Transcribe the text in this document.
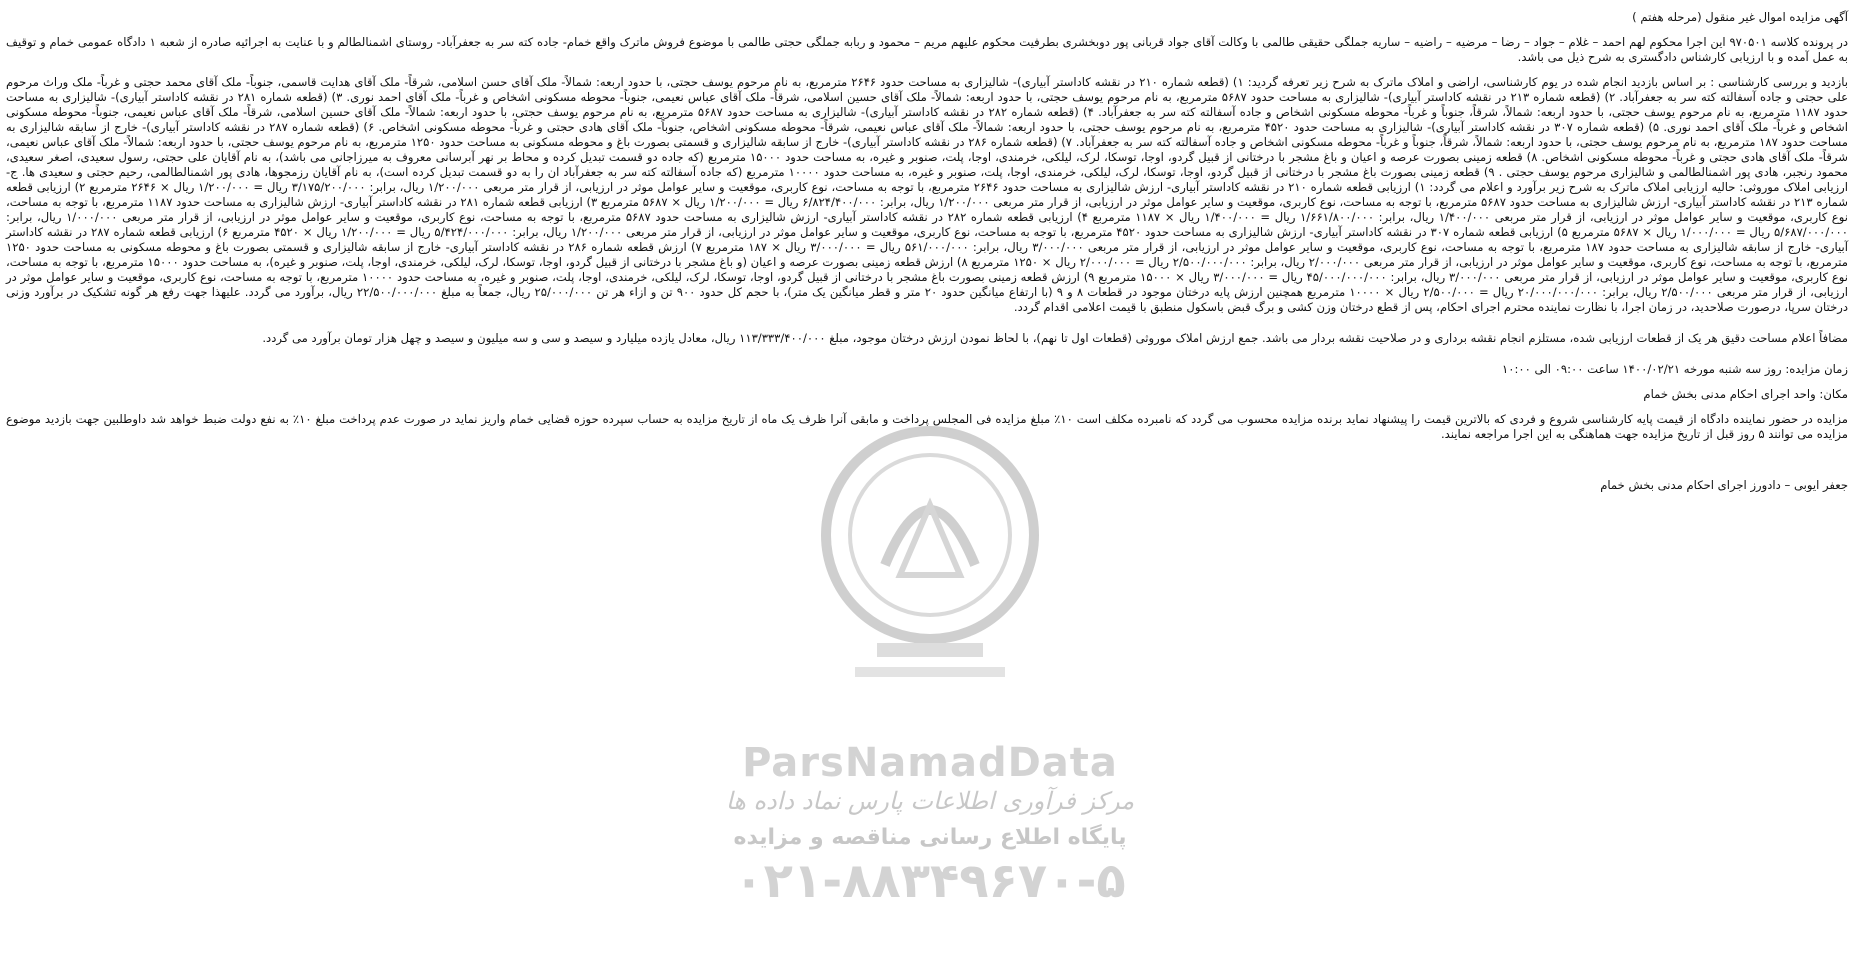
آگهی مزایده اموال غیر منقول (مرحله هفتم )

در پرونده کلاسه ۹۷۰۵۰۱ این اجرا محکوم لهم احمد – غلام – جواد – رضا – مرضیه – راضیه – ساریه جملگی حقیقی طالمی با وکالت آقای جواد قربانی پور دوبخشری بطرفیت محکوم علیهم مریم – محمود و ربابه جملگی حجتی طالمی با موضوع فروش ماترک واقع خمام- جاده کته سر به جعفرآباد- روستای اشمنالطالم و با عنایت به اجرائیه صادره از شعبه ۱ دادگاه عمومی خمام و توقیف به عمل آمده و با ارزیابی کارشناس دادگستری به شرح ذیل می باشد.

بازدید و بررسی کارشناسی : بر اساس بازدید انجام شده در یوم کارشناسی، اراضی و املاک ماترک به شرح زیر تعرفه گردید: ۱) (قطعه شماره ۲۱۰ در نقشه کاداستر آبیاری)- شالیزاری به مساحت حدود ۲۶۴۶ مترمربع، به نام مرحوم یوسف حجتی، با حدود اربعه: شمالاً- ملک آقای حسن اسلامی، شرقاً- ملک آقای هدایت قاسمی، جنوباً- ملک آقای محمد حجتی و غرباً- ملک وراث مرحوم علی حجتی و جاده آسفالته کته سر به جعفرآباد. ۲) (قطعه شماره ۲۱۳ در نقشه کاداستر آبیاری)- شالیزاری به مساحت حدود ۵۶۸۷ مترمربع، به نام مرحوم یوسف حجتی، با حدود اربعه: شمالاً- ملک آقای حسین اسلامی، شرقاً- ملک آقای عباس نعیمی، جنوباً- محوطه مسکونی اشخاص و غرباً- ملک آقای احمد نوری. ۳) (قطعه شماره ۲۸۱ در نقشه کاداستر آبیاری)- شالیزاری به مساحت حدود ۱۱۸۷ مترمربع، به نام مرحوم یوسف حجتی، با حدود اربعه: شمالاً، شرقاً، جنوباً و غرباً- محوطه مسکونی اشخاص و جاده آسفالته کته سر به جعفرآباد. ۴) (قطعه شماره ۲۸۲ در نقشه کاداستر آبیاری)- شالیزاری به مساحت حدود ۵۶۸۷ مترمربع، به نام مرحوم یوسف حجتی، با حدود اربعه: شمالاً- ملک آقای حسین اسلامی، شرقاً- ملک آقای عباس نعیمی، جنوباً- محوطه مسکونی اشخاص و غرباً- ملک آقای احمد نوری. ۵) (قطعه شماره ۳۰۷ در نقشه کاداستر آبیاری)- شالیزاری به مساحت حدود ۴۵۲۰ مترمربع، به نام مرحوم یوسف حجتی، با حدود اربعه: شمالاً- ملک آقای عباس نعیمی، شرقاً- محوطه مسکونی اشخاص، جنوباً- ملک آقای هادی حجتی و غرباً- محوطه مسکونی اشخاص. ۶) (قطعه شماره ۲۸۷ در نقشه کاداستر آبیاری)- خارج از سابقه شالیزاری به مساحت حدود ۱۸۷ مترمربع، به نام مرحوم یوسف حجتی، با حدود اربعه: شمالاً، شرقاً، جنوباً و غرباً- محوطه مسکونی اشخاص و جاده آسفالته کته سر به جعفرآباد. ۷) (قطعه شماره ۲۸۶ در نقشه کاداستر آبیاری)- خارج از سابقه شالیزاری و قسمتی بصورت باغ و محوطه مسکونی به مساحت حدود ۱۲۵۰ مترمربع، به نام مرحوم یوسف حجتی، با حدود اربعه: شمالاً- ملک آقای عباس نعیمی، شرقاً- ملک آقای هادی حجتی و غرباً- محوطه مسکونی اشخاص. ۸) قطعه زمینی بصورت عرصه و اعیان و باغ مشجر با درختانی از قبیل گردو، اوجا، توسکا، لرک، لیلکی، خرمندی، اوجا، پلت، صنوبر و غیره، به مساحت حدود ۱۵۰۰۰ مترمربع (که جاده دو قسمت تبدیل کرده و محاط بر نهر آبرسانی معروف به میرزاجانی می باشد)، به نام آقایان علی حجتی، رسول سعیدی، اصغر سعیدی، محمود رنجبر، هادی پور اشمنالطالمی و شالیزاری مرحوم یوسف حجتی . ۹) قطعه زمینی بصورت باغ مشجر با درختانی از قبیل گردو، اوجا، توسکا، لرک، لیلکی، خرمندی، اوجا، پلت، صنوبر و غیره، به مساحت حدود ۱۰۰۰۰ مترمربع (که جاده آسفالته کته سر به جعفرآباد ان را به دو قسمت تبدیل کرده است)، به نام آقایان رزمجوها، هادی پور اشمنالطالمی، رحیم حجتی و سعیدی ها. ج- ارزیابی املاک موروثی: حالیه ارزیابی املاک ماترک به شرح زیر برآورد و اعلام می گردد: ۱) ارزیابی قطعه شماره ۲۱۰ در نقشه کاداستر آبیاری- ارزش شالیزاری به مساحت حدود ۲۶۴۶ مترمربع، با توجه به مساحت، نوع کاربری، موقعیت و سایر عوامل موثر در ارزیابی، از قرار متر مربعی ۱/۲۰۰/۰۰۰ ریال، برابر: ۳/۱۷۵/۲۰۰/۰۰۰ ریال = ۱/۲۰۰/۰۰۰ ریال × ۲۶۴۶ مترمربع ۲) ارزیابی قطعه شماره ۲۱۳ در نقشه کاداستر آبیاری- ارزش شالیزاری به مساحت حدود ۵۶۸۷ مترمربع، با توجه به مساحت، نوع کاربری، موقعیت و سایر عوامل موثر در ارزیابی، از قرار متر مربعی ۱/۲۰۰/۰۰۰ ریال، برابر: ۶/۸۲۴/۴۰۰/۰۰۰ ریال = ۱/۲۰۰/۰۰۰ ریال × ۵۶۸۷ مترمربع ۳) ارزیابی قطعه شماره ۲۸۱ در نقشه کاداستر آبیاری- ارزش شالیزاری به مساحت حدود ۱۱۸۷ مترمربع، با توجه به مساحت، نوع کاربری، موقعیت و سایر عوامل موثر در ارزیابی، از قرار متر مربعی ۱/۴۰۰/۰۰۰ ریال، برابر: ۱/۶۶۱/۸۰۰/۰۰۰ ریال = ۱/۴۰۰/۰۰۰ ریال × ۱۱۸۷ مترمربع ۴) ارزیابی قطعه شماره ۲۸۲ در نقشه کاداستر آبیاری- ارزش شالیزاری به مساحت حدود ۵۶۸۷ مترمربع، با توجه به مساحت، نوع کاربری، موقعیت و سایر عوامل موثر در ارزیابی، از قرار متر مربعی ۱/۰۰۰/۰۰۰ ریال، برابر: ۵/۶۸۷/۰۰۰/۰۰۰ ریال = ۱/۰۰۰/۰۰۰ ریال × ۵۶۸۷ مترمربع ۵) ارزیابی قطعه شماره ۳۰۷ در نقشه کاداستر آبیاری- ارزش شالیزاری به مساحت حدود ۴۵۲۰ مترمربع، با توجه به مساحت، نوع کاربری، موقعیت و سایر عوامل موثر در ارزیابی، از قرار متر مربعی ۱/۲۰۰/۰۰۰ ریال، برابر: ۵/۴۲۴/۰۰۰/۰۰۰ ریال = ۱/۲۰۰/۰۰۰ ریال × ۴۵۲۰ مترمربع ۶) ارزیابی قطعه شماره ۲۸۷ در نقشه کاداستر آبیاری- خارج از سابقه شالیزاری به مساحت حدود ۱۸۷ مترمربع، با توجه به مساحت، نوع کاربری، موقعیت و سایر عوامل موثر در ارزیابی، از قرار متر مربعی ۳/۰۰۰/۰۰۰ ریال، برابر: ۵۶۱/۰۰۰/۰۰۰ ریال = ۳/۰۰۰/۰۰۰ ریال × ۱۸۷ مترمربع ۷) ارزش قطعه شماره ۲۸۶ در نقشه کاداستر آبیاری- خارج از سابقه شالیزاری و قسمتی بصورت باغ و محوطه مسکونی به مساحت حدود ۱۲۵۰ مترمربع، با توجه به مساحت، نوع کاربری، موقعیت و سایر عوامل موثر در ارزیابی، از قرار متر مربعی ۲/۰۰۰/۰۰۰ ریال، برابر: ۲/۵۰۰/۰۰۰/۰۰۰ ریال = ۲/۰۰۰/۰۰۰ ریال × ۱۲۵۰ مترمربع ۸) ارزش قطعه زمینی بصورت عرصه و اعیان (و باغ مشجر با درختانی از قبیل گردو، اوجا، توسکا، لرک، لیلکی، خرمندی، اوجا، پلت، صنوبر و غیره)، به مساحت حدود ۱۵۰۰۰ مترمربع، با توجه به مساحت، نوع کاربری، موقعیت و سایر عوامل موثر در ارزیابی، از قرار متر مربعی ۳/۰۰۰/۰۰۰ ریال، برابر: ۴۵/۰۰۰/۰۰۰/۰۰۰ ریال = ۳/۰۰۰/۰۰۰ ریال × ۱۵۰۰۰ مترمربع ۹) ارزش قطعه زمینی بصورت باغ مشجر با درختانی از قبیل گردو، اوجا، توسکا، لرک، لیلکی، خرمندی، اوجا، پلت، صنوبر و غیره، به مساحت حدود ۱۰۰۰۰ مترمربع، با توجه به مساحت، نوع کاربری، موقعیت و سایر عوامل موثر در ارزیابی، از قرار متر مربعی ۲/۵۰۰/۰۰۰ ریال، برابر: ۲۰/۰۰۰/۰۰۰/۰۰۰ ریال = ۲/۵۰۰/۰۰۰ ریال × ۱۰۰۰۰ مترمربع همچنین ارزش پایه درختان موجود در قطعات ۸ و ۹ (با ارتفاع میانگین حدود ۲۰ متر و قطر میانگین یک متر)، با حجم کل حدود ۹۰۰ تن و ازاء هر تن ۲۵/۰۰۰/۰۰۰ ریال، جمعاً به مبلغ ۲۲/۵۰۰/۰۰۰/۰۰۰ ریال، برآورد می گردد. علیهذا جهت رفع هر گونه تشکیک در برآورد وزنی درختان سرپا، درصورت صلاحدید، در زمان اجرا، با نظارت نماینده محترم اجرای احکام، پس از قطع درختان وزن کشی و برگ قبض باسکول منطبق با قیمت اعلامی اقدام گردد.

مضافاً اعلام مساحت دقیق هر یک از قطعات ارزیابی شده، مستلزم انجام نقشه برداری و در صلاحیت نقشه بردار می باشد. جمع ارزش املاک موروثی (قطعات اول تا نهم)، با لحاظ نمودن ارزش درختان موجود، مبلغ ۱۱۳/۳۳۳/۴۰۰/۰۰۰ ریال، معادل یازده میلیارد و سیصد و سی و سه میلیون و سیصد و چهل هزار تومان برآورد می گردد.

زمان مزایده: روز سه شنبه مورخه ۱۴۰۰/۰۲/۲۱ ساعت ۰۹:۰۰ الی ۱۰:۰۰

مکان: واحد اجرای احکام مدنی بخش خمام

مزایده در حضور نماینده دادگاه از قیمت پایه کارشناسی شروع و فردی که بالاترین قیمت را پیشنهاد نماید برنده مزایده محسوب می گردد که نامبرده مکلف است ۱۰٪ مبلغ مزایده فی المجلس پرداخت و مابقی آنرا ظرف یک ماه از تاریخ مزایده به حساب سپرده حوزه قضایی خمام واریز نماید در صورت عدم پرداخت مبلغ ۱۰٪ به نفع دولت ضبط خواهد شد داوطلبین جهت بازدید موضوع مزایده می توانند ۵ روز قبل از تاریخ مزایده جهت هماهنگی به این اجرا مراجعه نمایند.

جعفر ایوبی – دادورز اجرای احکام مدنی بخش خمام

ParsNamadData
مرکز فرآوری اطلاعات پارس نماد داده ها
پایگاه اطلاع رسانی مناقصه و مزایده
۰۲۱-۸۸۳۴۹۶۷۰-۵
